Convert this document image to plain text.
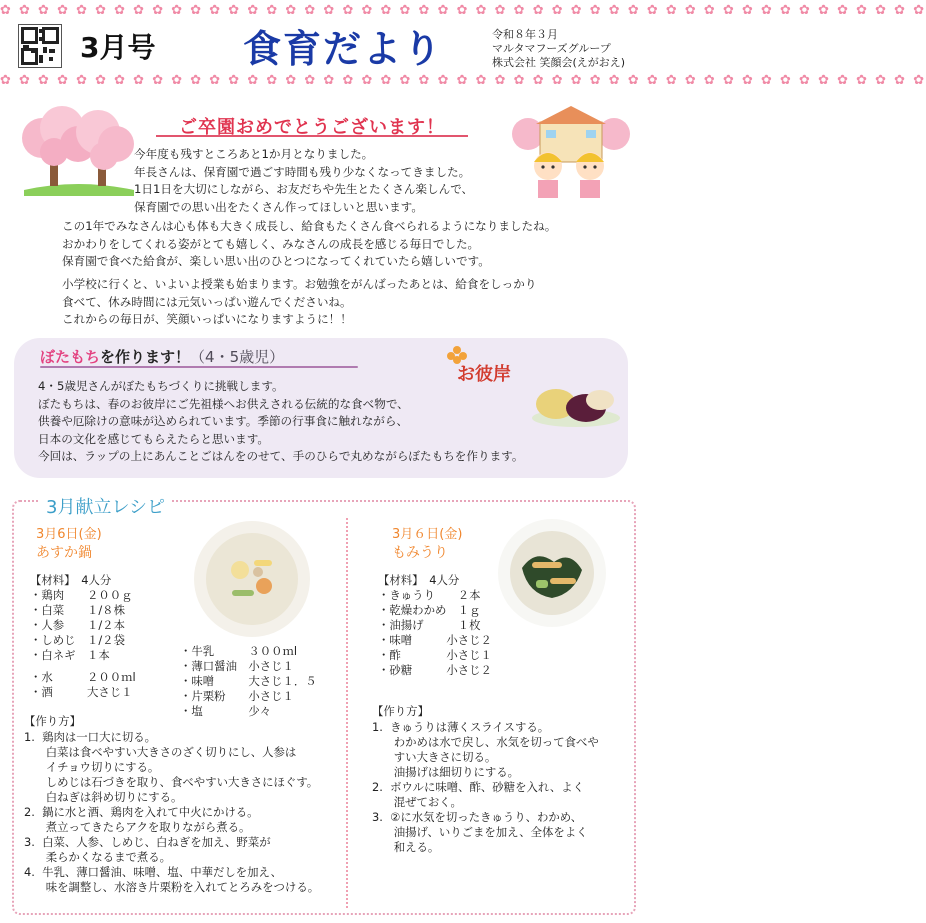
✿ ✿ ✿ ✿ ✿ ✿ ✿ ✿ ✿ ✿ ✿ ✿ ✿ ✿ ✿ ✿ ✿ ✿ ✿ ✿ ✿ ✿ ✿ ✿ ✿ ✿ ✿ ✿ ✿ ✿ ✿ ✿ ✿ ✿ ✿ ✿ ✿ ✿ ✿ ✿ ✿ ✿ ✿ ✿ ✿ ✿ ✿ ✿ ✿
✿ ✿ ✿ ✿ ✿ ✿ ✿ ✿ ✿ ✿ ✿ ✿ ✿ ✿ ✿ ✿ ✿ ✿ ✿ ✿ ✿ ✿ ✿ ✿ ✿ ✿ ✿ ✿ ✿ ✿ ✿ ✿ ✿ ✿ ✿ ✿ ✿ ✿ ✿ ✿ ✿ ✿ ✿ ✿ ✿ ✿ ✿ ✿ ✿
3月号 食育だより	令和８年３月
マルタマフーズグループ
株式会社 笑顔会(えがおえ)
ご卒園おめでとうございます！
今年度も残すところあと1か月となりました。
年長さんは、保育園で過ごす時間も残り少なくなってきました。
1日1日を大切にしながら、お友だちや先生とたくさん楽しんで、
保育園での思い出をたくさん作ってほしいと思います。
この1年でみなさんは心も体も大きく成長し、給食もたくさん食べられるようになりましたね。
おかわりをしてくれる姿がとても嬉しく、みなさんの成長を感じる毎日でした。
保育園で食べた給食が、楽しい思い出のひとつになってくれていたら嬉しいです。
小学校に行くと、いよいよ授業も始まります。お勉強をがんばったあとは、給食をしっかり
食べて、休み時間には元気いっぱい遊んでくださいね。
これからの毎日が、笑顔いっぱいになりますように！！
ぼたもちを作ります！（4・5歳児）
お彼岸
4・5歳児さんがぼたもちづくりに挑戦します。
ぼたもちは、春のお彼岸にご先祖様へお供えされる伝統的な食べ物で、
供養や厄除けの意味が込められています。季節の行事食に触れながら、
日本の文化を感じてもらえたらと思います。
今回は、ラップの上にあんことごはんをのせて、手のひらで丸めながらぼたもちを作ります。
3月献立レシピ
3月6日(金)
あすか鍋
【材料】　4人分
・鶏肉　　２００ｇ
・白菜　　１/８株
・人参　　１/２本
・しめじ　１/２袋
・白ネギ　１本
・水　　　２００ｍl
・酒　　　大さじ１
・牛乳　　　３００ｍl
・薄口醤油　小さじ１
・味噌　　　大さじ１．５
・片栗粉　　小さじ１
・塩　　　　少々
【作り方】
1.  鶏肉は一口大に切る。
白菜は食べやすい大きさのざく切りにし、人参は
イチョウ切りにする。
しめじは石づきを取り、食べやすい大きさにほぐす。
白ねぎは斜め切りにする。
2.  鍋に水と酒、鶏肉を入れて中火にかける。
煮立ってきたらアクを取りながら煮る。
3.  白菜、人参、しめじ、白ねぎを加え、野菜が
柔らかくなるまで煮る。
4.  牛乳、薄口醤油、味噌、塩、中華だしを加え、
味を調整し、水溶き片栗粉を入れてとろみをつける。
3月６日(金)
もみうり
【材料】　4人分
・きゅうり　　２本
・乾燥わかめ　１ｇ
・油揚げ　　　１枚
・味噌　　　小さじ２
・酢　　　　小さじ１
・砂糖　　　小さじ２
【作り方】
1.  きゅうりは薄くスライスする。
わかめは水で戻し、水気を切って食べや
すい大きさに切る。
油揚げは細切りにする。
2.  ボウルに味噌、酢、砂糖を入れ、よく
混ぜておく。
3.  ②に水気を切ったきゅうり、わかめ、
油揚げ、いりごまを加え、全体をよく
和える。
